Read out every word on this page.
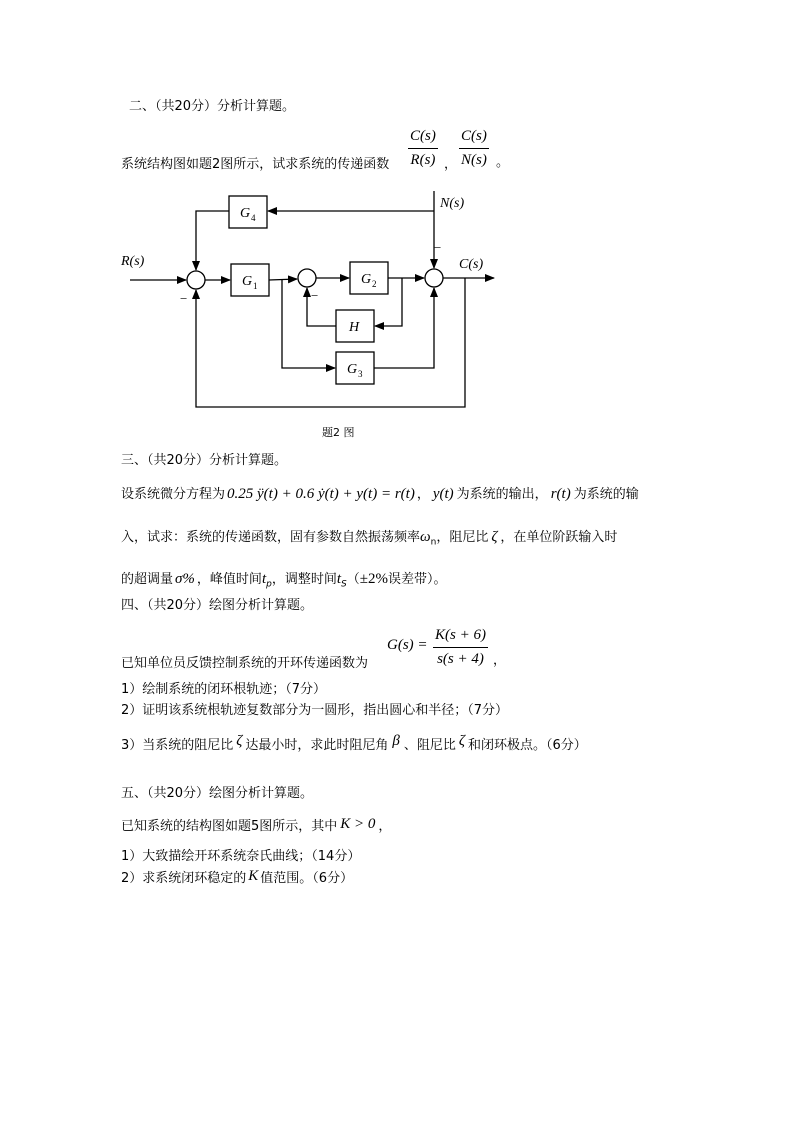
二、（共20分）分析计算题。
C(s)
R(s)
C(s)
N(s)
系统结构图如题2图所示，试求系统的传递函数	，	。
R(s)
N(s)
C(s)
G 4
G 1	G 2
H
G 3
−	−
−
题2 图
三、（共20分）分析计算题。
设系统微分方程为 0.25 ÿ(t) + 0.6 ẏ(t) + y(t) = r(t) ， y(t) 为系统的输出， r(t) 为系统的输
入，试求：系统的传递函数，固有参数自然振荡频率$\omega_n$，阻尼比 ζ ，在单位阶跃输入时
的超调量 σ% ，峰值时间$t_p$，调整时间$t_S(\pm 2\%$误差带）。
四、（共20分）绘图分析计算题。
G(s) =
K(s + 6)
s(s + 4) ，
已知单位员反馈控制系统的开环传递函数为
1）绘制系统的闭环根轨迹；（7分）
2）证明该系统根轨迹复数部分为一圆形，指出圆心和半径；（7分）
3）当系统的阻尼比 ζ 达最小时，求此时阻尼角 β 、阻尼比 ζ 和闭环极点。（6分）
五、（共20分）绘图分析计算题。
已知系统的结构图如题5图所示，其中 K > 0 ，
1）大致描绘开环系统奈氏曲线；（14分）
2）求系统闭环稳定的 K 值范围。（6分）
